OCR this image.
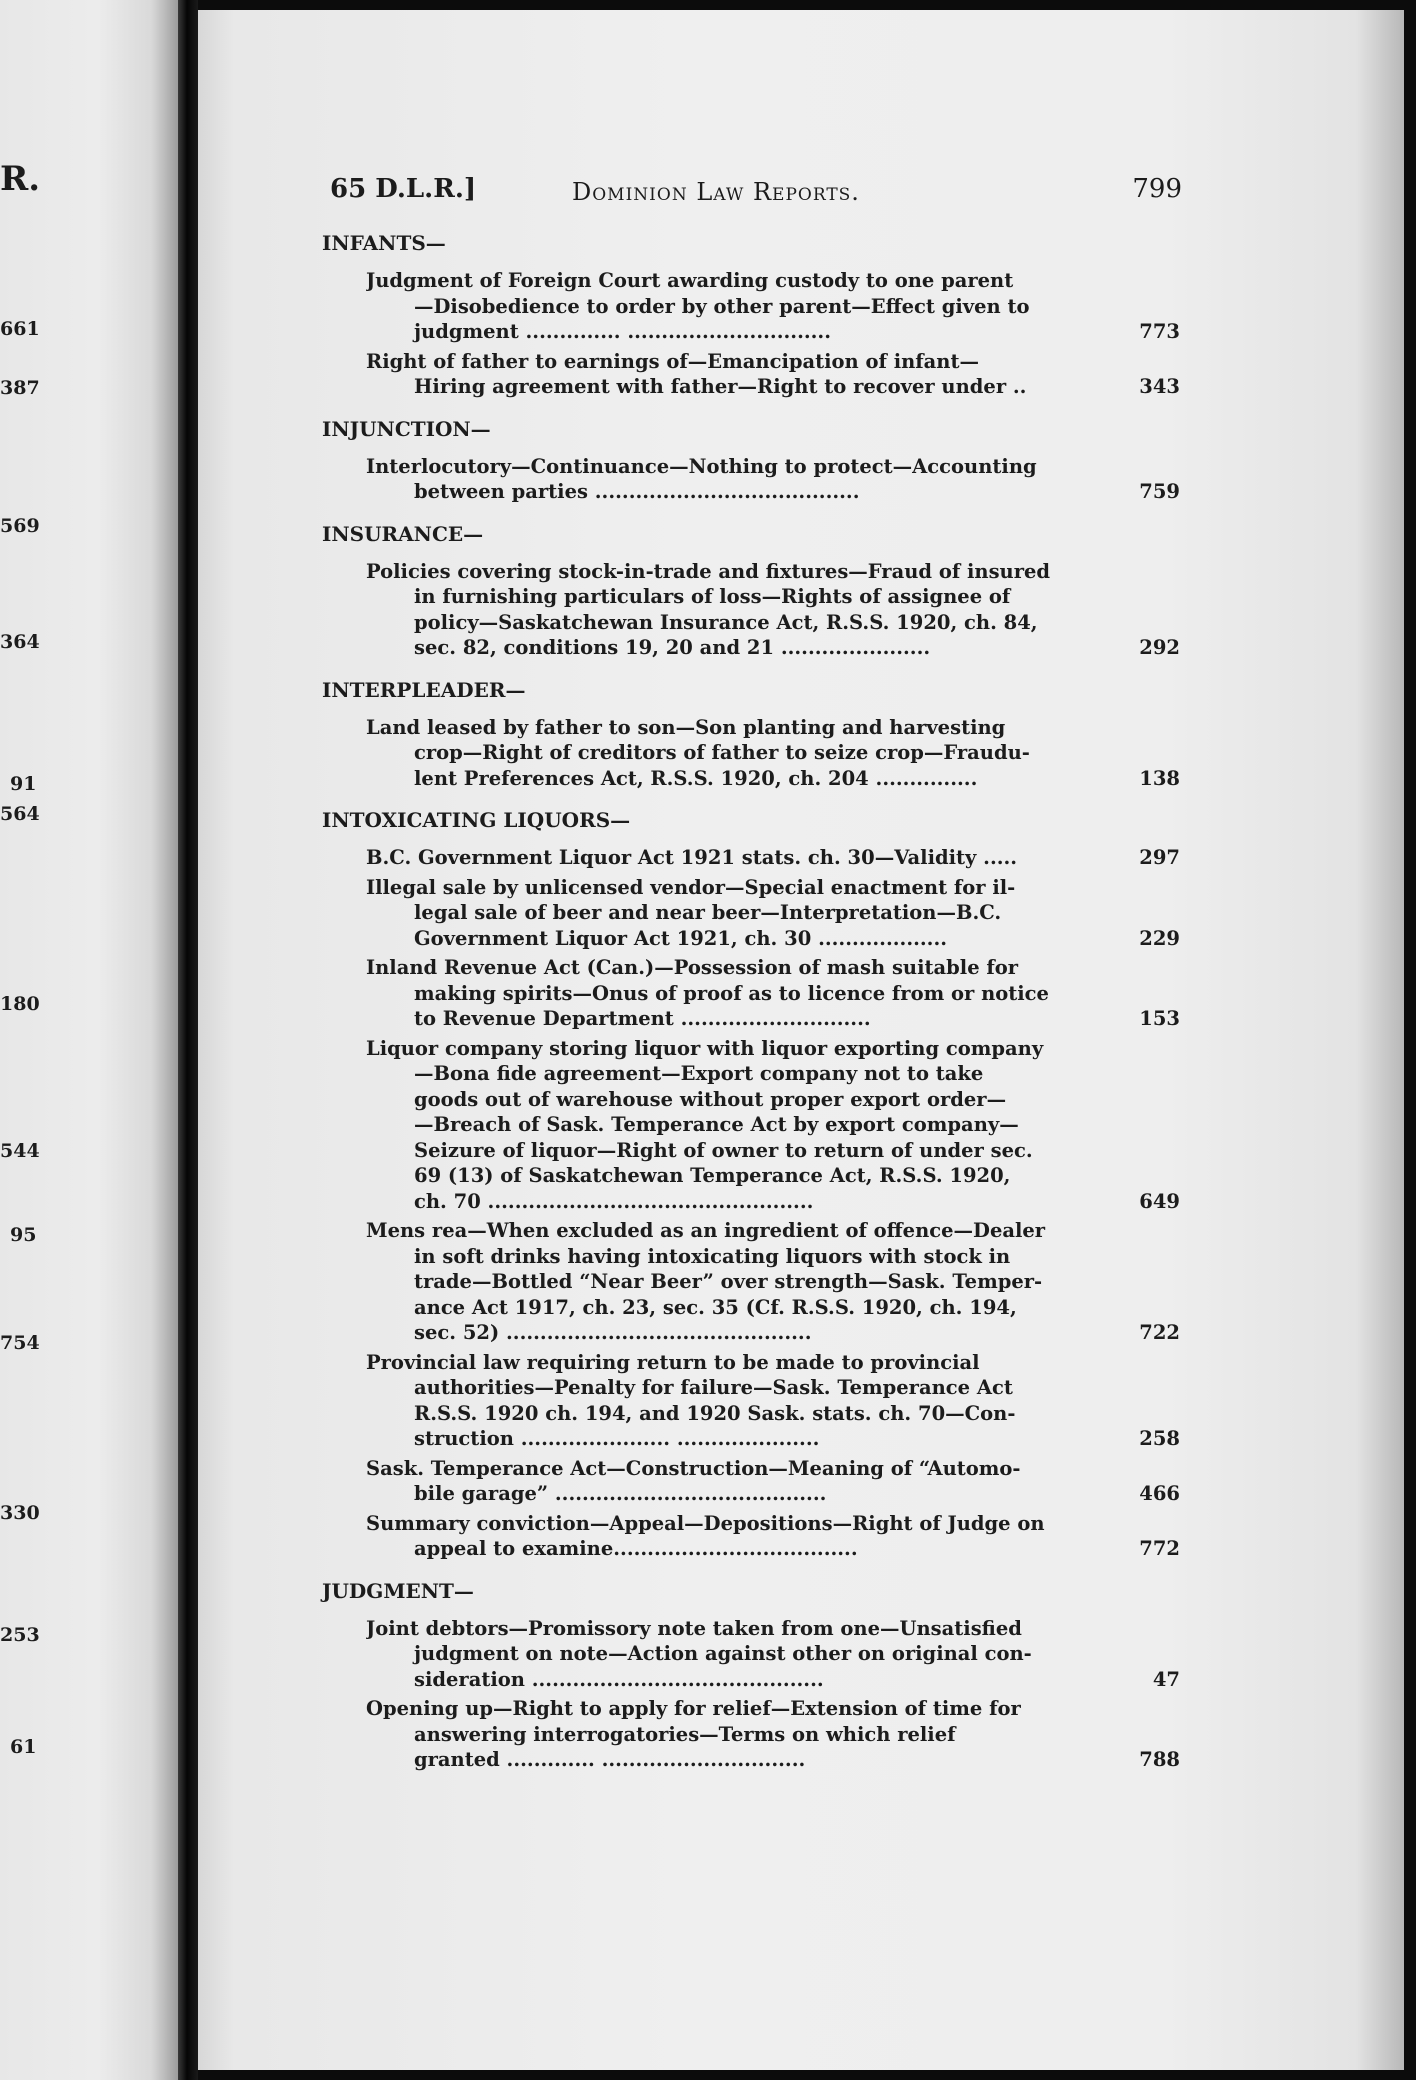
R.
661
387
569
364
91
564
180
544
95
754
330
253
61
65 D.L.R.]	Dominion Law Reports.	799
INFANTS—
Judgment of Foreign Court awarding custody to one parent
—Disobedience to order by other parent—Effect given to
judgment .............. ..............................	773
Right of father to earnings of—Emancipation of infant—
Hiring agreement with father—Right to recover under ..	343
INJUNCTION—
Interlocutory—Continuance—Nothing to protect—Accounting
between parties .......................................	759
INSURANCE—
Policies covering stock-in-trade and fixtures—Fraud of insured
in furnishing particulars of loss—Rights of assignee of
policy—Saskatchewan Insurance Act, R.S.S. 1920, ch. 84,
sec. 82, conditions 19, 20 and 21 ......................	292
INTERPLEADER—
Land leased by father to son—Son planting and harvesting
crop—Right of creditors of father to seize crop—Fraudu-
lent Preferences Act, R.S.S. 1920, ch. 204 ...............	138
INTOXICATING LIQUORS—
B.C. Government Liquor Act 1921 stats. ch. 30—Validity .....	297
Illegal sale by unlicensed vendor—Special enactment for il-
legal sale of beer and near beer—Interpretation—B.C.
Government Liquor Act 1921, ch. 30 ...................	229
Inland Revenue Act (Can.)—Possession of mash suitable for
making spirits—Onus of proof as to licence from or notice
to Revenue Department ............................	153
Liquor company storing liquor with liquor exporting company
—Bona fide agreement—Export company not to take
goods out of warehouse without proper export order—
—Breach of Sask. Temperance Act by export company—
Seizure of liquor—Right of owner to return of under sec.
69 (13) of Saskatchewan Temperance Act, R.S.S. 1920,
ch. 70 ................................................	649
Mens rea—When excluded as an ingredient of offence—Dealer
in soft drinks having intoxicating liquors with stock in
trade—Bottled “Near Beer” over strength—Sask. Temper-
ance Act 1917, ch. 23, sec. 35 (Cf. R.S.S. 1920, ch. 194,
sec. 52) .............................................	722
Provincial law requiring return to be made to provincial
authorities—Penalty for failure—Sask. Temperance Act
R.S.S. 1920 ch. 194, and 1920 Sask. stats. ch. 70—Con-
struction ...................... .....................	258
Sask. Temperance Act—Construction—Meaning of “Automo-
bile garage” ........................................	466
Summary conviction—Appeal—Depositions—Right of Judge on
appeal to examine....................................	772
JUDGMENT—
Joint debtors—Promissory note taken from one—Unsatisfied
judgment on note—Action against other on original con-
sideration ...........................................	47
Opening up—Right to apply for relief—Extension of time for
answering interrogatories—Terms on which relief
granted ............. ..............................	788
